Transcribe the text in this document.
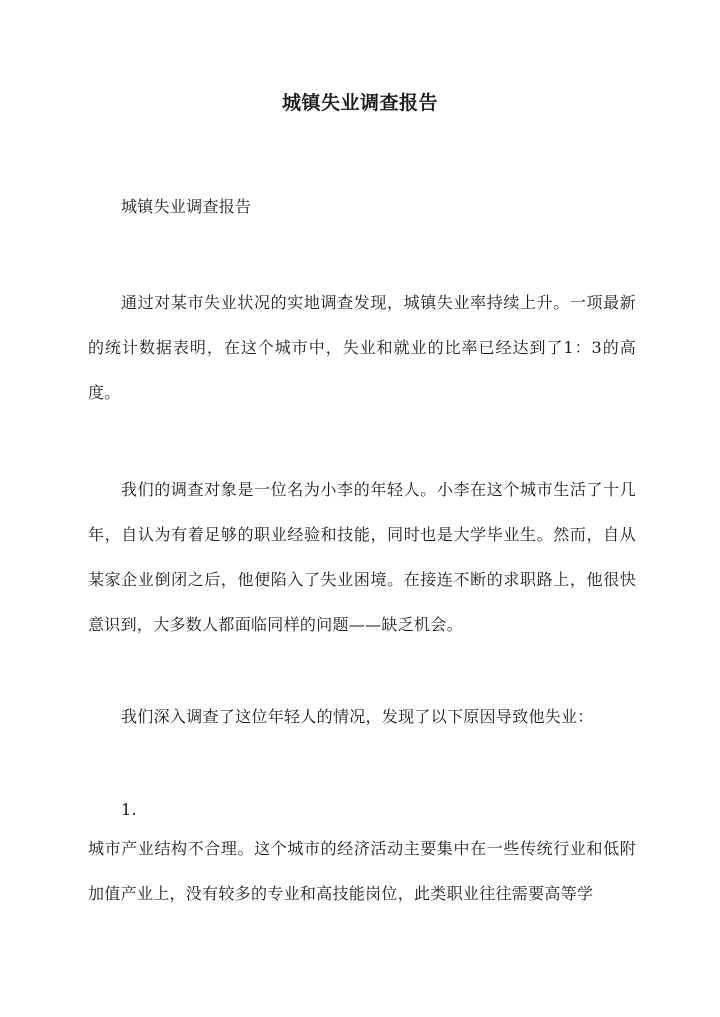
城镇失业调查报告
城镇失业调查报告

通过对某市失业状况的实地调查发现，城镇失业率持续上升。一项最新的统计数据表明，在这个城市中，失业和就业的比率已经达到了1：3的高度。

我们的调查对象是一位名为小李的年轻人。小李在这个城市生活了十几年，自认为有着足够的职业经验和技能，同时也是大学毕业生。然而，自从某家企业倒闭之后，他便陷入了失业困境。在接连不断的求职路上，他很快意识到，大多数人都面临同样的问题——缺乏机会。

我们深入调查了这位年轻人的情况，发现了以下原因导致他失业：

1.

城市产业结构不合理。这个城市的经济活动主要集中在一些传统行业和低附加值产业上，没有较多的专业和高技能岗位，此类职业往往需要高等学
